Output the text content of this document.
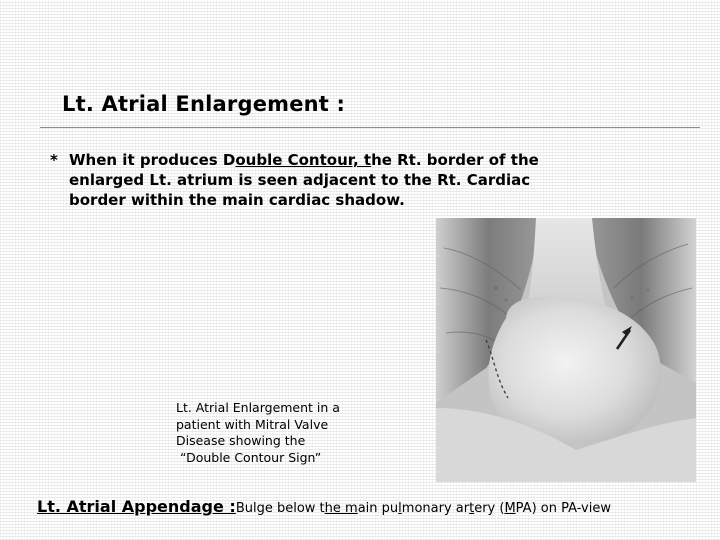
Lt. Atrial Enlargement :
* When it produces Double Contour, the Rt. border of the
enlarged Lt. atrium is seen adjacent to the Rt. Cardiac
border within the main cardiac shadow.
Lt. Atrial Enlargement in a
patient with Mitral Valve
Disease showing the
“Double Contour Sign”
Lt. Atrial Appendage :Bulge below the main pulmonary artery (MPA) on PA-view
